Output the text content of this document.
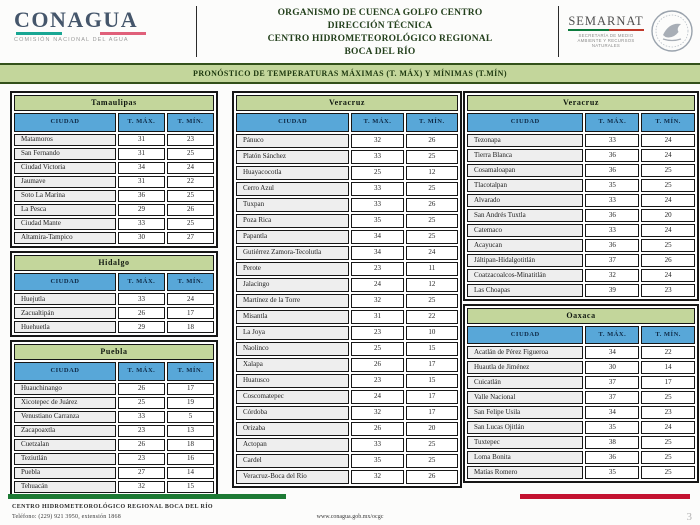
CONAGUA
COMISIÓN NACIONAL DEL AGUA
ORGANISMO DE CUENCA GOLFO CENTRO
DIRECCIÓN TÉCNICA
CENTRO HIDROMETEOROLÓGICO REGIONAL
BOCA DEL RÍO
SEMARNAT
SECRETARÍA DE MEDIO AMBIENTE Y RECURSOS NATURALES
PRONÓSTICO DE TEMPERATURAS MÁXIMAS (T. MÁX) Y MÍNIMAS (T.MÍN)
Tamaulipas		
CIUDAD	T. MÁX.	T. MÍN.
Matamoros	31	23
San Fernando	31	25
Ciudad Victoria	34	24
Jaumave	31	22
Soto La Marina	36	25
La Pesca	29	26
Ciudad Mante	33	25
Altamira-Tampico	30	27
Hidalgo		
CIUDAD	T. MÁX.	T. MÍN.
Huejutla	33	24
Zacualtipán	26	17
Huehuetla	29	18
Puebla		
CIUDAD	T. MÁX.	T. MÍN.
Huauchinango	26	17
Xicotepec de Juárez	25	19
Venustiano Carranza	33	5
Zacapoaxtla	23	13
Cuetzalan	26	18
Teziutlán	23	16
Puebla	27	14
Tehuacán	32	15
Veracruz		
CIUDAD	T. MÁX.	T. MÍN.
Pánuco	32	26
Platón Sánchez	33	25
Huayacocotla	25	12
Cerro Azul	33	25
Tuxpan	33	26
Poza Rica	35	25
Papantla	34	25
Gutiérrez Zamora-Tecolutla	34	24
Perote	23	11
Jalacingo	24	12
Martínez de la Torre	32	25
Misantla	31	22
La Joya	23	10
Naolinco	25	15
Xalapa	26	17
Huatusco	23	15
Coscomatepec	24	17
Córdoba	32	17
Orizaba	26	20
Actopan	33	25
Cardel	35	25
Veracruz-Boca del Río	32	26
Veracruz		
CIUDAD	T. MÁX.	T. MÍN.
Tezonapa	33	24
Tierra Blanca	36	24
Cosamaloapan	36	25
Tlacotalpan	35	25
Alvarado	33	24
San Andrés Tuxtla	36	20
Catemaco	33	24
Acayucan	36	25
Jáltipan-Hidalgotitlán	37	26
Coatzacoalcos-Minatitlán	32	24
Las Choapas	39	23
Oaxaca		
CIUDAD	T. MÁX.	T. MÍN.
Acatlán de Pérez Figueroa	34	22
Huautla de Jiménez	30	14
Cuicatlán	37	17
Valle Nacional	37	25
San Felipe Usila	34	23
San Lucas Ojitlán	35	24
Tuxtepec	38	25
Loma Bonita	36	25
Matías Romero	35	25
CENTRO HIDROMETEOROLÓGICO REGIONAL BOCA DEL RÍO
Teléfono: (229) 921 3950, extensión 1868	www.conagua.gob.mx/ocgc	3
